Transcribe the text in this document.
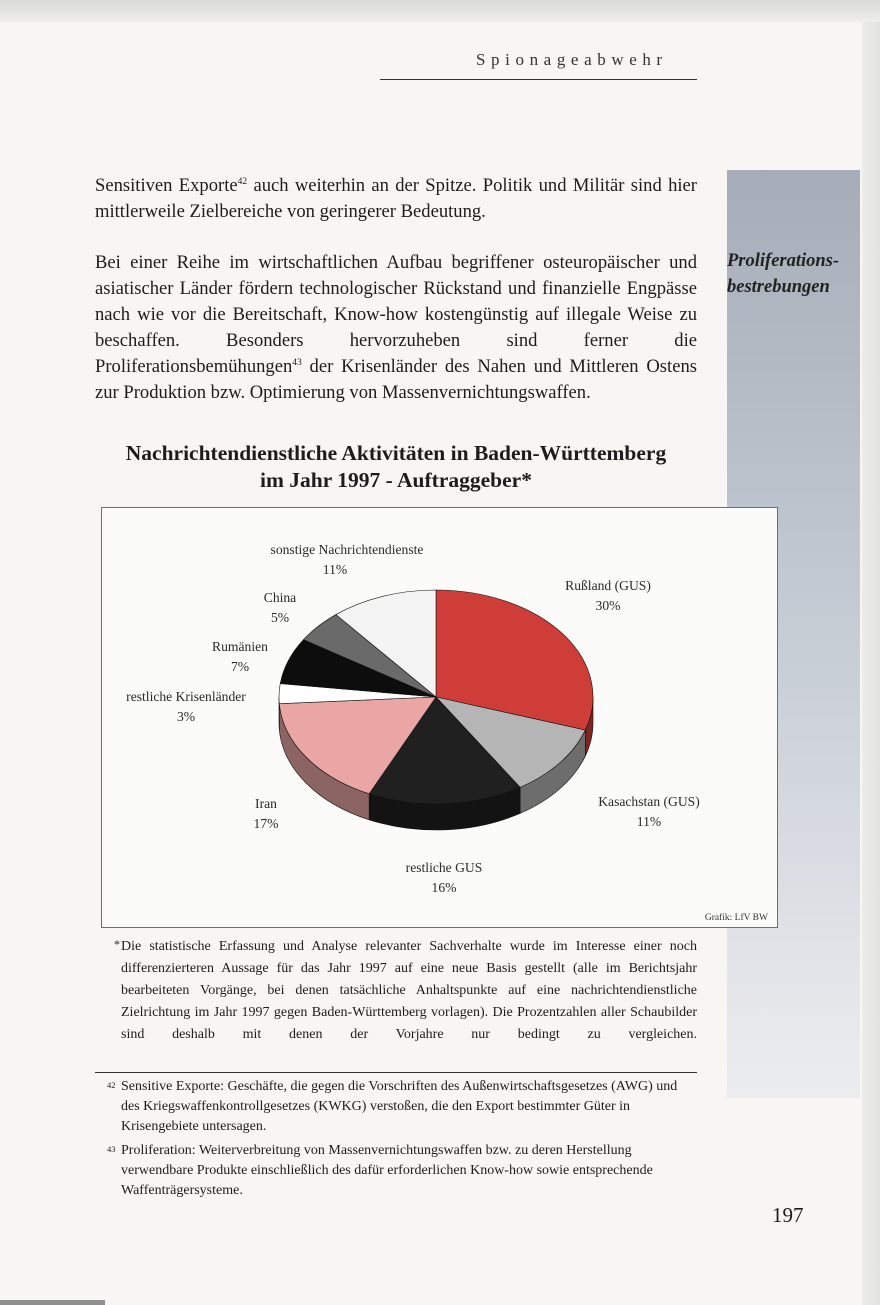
Spionageabwehr

Sensitiven Exporte$^{42}$ auch weiterhin an der Spitze. Politik und Militär sind hier mittlerweile Zielbereiche von geringerer Bedeutung.

Bei einer Reihe im wirtschaftlichen Aufbau begriffener osteuropäischer und asiatischer Länder fördern technologischer Rückstand und finanzielle Engpässe nach wie vor die Bereitschaft, Know-how kostengünstig auf illegale Weise zu beschaffen. Besonders hervorzuheben sind ferner die Proliferationsbemühungen$^{43}$ der Krisenländer des Nahen und Mittleren Ostens zur Produktion bzw. Optimierung von Massenvernichtungswaffen.

Proliferations-
bestrebungen

Nachrichtendienstliche Aktivitäten in Baden-Württemberg
im Jahr 1997 - Auftraggeber*
Rußland (GUS)
30%
Kasachstan (GUS)
11%
restliche GUS
16%
Iran
17%
restliche Krisenländer
3%
Rumänien
7%
China
5%
sonstige Nachrichtendienste
11%
Grafik: LfV BW

* Die statistische Erfassung und Analyse relevanter Sachverhalte wurde im Interesse einer noch differenzierteren Aussage für das Jahr 1997 auf eine neue Basis gestellt (alle im Berichtsjahr bearbeiteten Vorgänge, bei denen tatsächliche Anhaltspunkte auf eine nachrichtendienstliche Zielrichtung im Jahr 1997 gegen Baden-Württemberg vorlagen). Die Prozentzahlen aller Schaubilder sind deshalb mit denen der Vorjahre nur bedingt zu vergleichen.

42 Sensitive Exporte: Geschäfte, die gegen die Vorschriften des Außenwirtschaftsgesetzes (AWG) und des Kriegswaffenkontrollgesetzes (KWKG) verstoßen, die den Export bestimmter Güter in Krisengebiete untersagen.

43 Proliferation: Weiterverbreitung von Massenvernichtungswaffen bzw. zu deren Herstellung verwendbare Produkte einschließlich des dafür erforderlichen Know-how sowie entsprechende Waffenträgersysteme.

197
